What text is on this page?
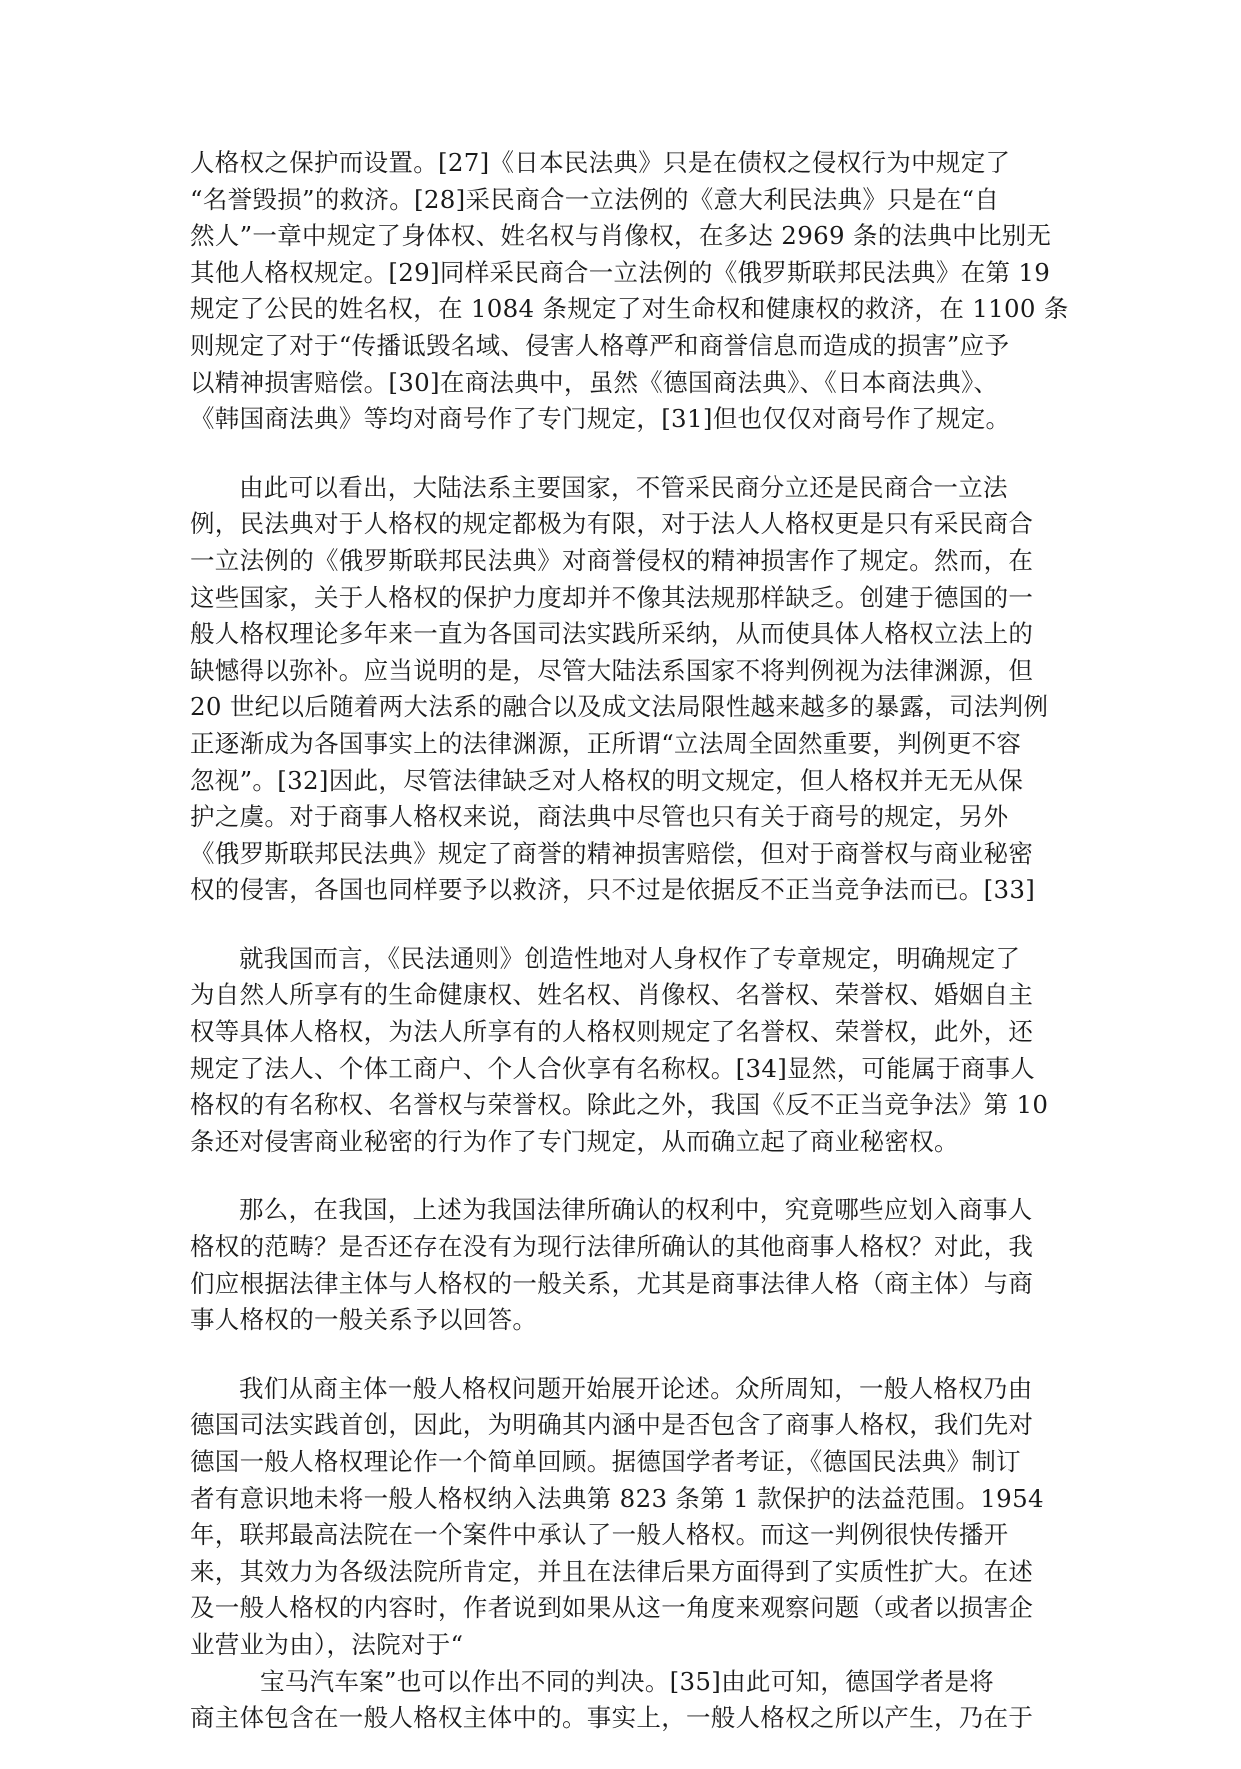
人格权之保护而设置。[27]《日本民法典》只是在债权之侵权行为中规定了
“名誉毁损”的救济。[28]采民商合一立法例的《意大利民法典》只是在“自
然人”一章中规定了身体权、姓名权与肖像权，在多达 2969 条的法典中比别无
其他人格权规定。[29]同样采民商合一立法例的《俄罗斯联邦民法典》在第 19
规定了公民的姓名权，在 1084 条规定了对生命权和健康权的救济，在 1100 条
则规定了对于“传播诋毁名域、侵害人格尊严和商誉信息而造成的损害”应予
以精神损害赔偿。[30]在商法典中，虽然《德国商法典》、《日本商法典》、
《韩国商法典》等均对商号作了专门规定，[31]但也仅仅对商号作了规定。
由此可以看出，大陆法系主要国家，不管采民商分立还是民商合一立法
例，民法典对于人格权的规定都极为有限，对于法人人格权更是只有采民商合
一立法例的《俄罗斯联邦民法典》对商誉侵权的精神损害作了规定。然而，在
这些国家，关于人格权的保护力度却并不像其法规那样缺乏。创建于德国的一
般人格权理论多年来一直为各国司法实践所采纳，从而使具体人格权立法上的
缺憾得以弥补。应当说明的是，尽管大陆法系国家不将判例视为法律渊源，但
20 世纪以后随着两大法系的融合以及成文法局限性越来越多的暴露，司法判例
正逐渐成为各国事实上的法律渊源，正所谓“立法周全固然重要，判例更不容
忽视”。[32]因此，尽管法律缺乏对人格权的明文规定，但人格权并无无从保
护之虞。对于商事人格权来说，商法典中尽管也只有关于商号的规定，另外
《俄罗斯联邦民法典》规定了商誉的精神损害赔偿，但对于商誉权与商业秘密
权的侵害，各国也同样要予以救济，只不过是依据反不正当竞争法而已。[33]
就我国而言，《民法通则》创造性地对人身权作了专章规定，明确规定了
为自然人所享有的生命健康权、姓名权、肖像权、名誉权、荣誉权、婚姻自主
权等具体人格权，为法人所享有的人格权则规定了名誉权、荣誉权，此外，还
规定了法人、个体工商户、个人合伙享有名称权。[34]显然，可能属于商事人
格权的有名称权、名誉权与荣誉权。除此之外，我国《反不正当竞争法》第 10
条还对侵害商业秘密的行为作了专门规定，从而确立起了商业秘密权。
那么，在我国，上述为我国法律所确认的权利中，究竟哪些应划入商事人
格权的范畴？是否还存在没有为现行法律所确认的其他商事人格权？对此，我
们应根据法律主体与人格权的一般关系，尤其是商事法律人格（商主体）与商
事人格权的一般关系予以回答。
我们从商主体一般人格权问题开始展开论述。众所周知，一般人格权乃由
德国司法实践首创，因此，为明确其内涵中是否包含了商事人格权，我们先对
德国一般人格权理论作一个简单回顾。据德国学者考证，《德国民法典》制订
者有意识地未将一般人格权纳入法典第 823 条第 1 款保护的法益范围。1954
年，联邦最高法院在一个案件中承认了一般人格权。而这一判例很快传播开
来，其效力为各级法院所肯定，并且在法律后果方面得到了实质性扩大。在述
及一般人格权的内容时，作者说到如果从这一角度来观察问题（或者以损害企
业营业为由），法院对于“
宝马汽车案”也可以作出不同的判决。[35]由此可知，德国学者是将
商主体包含在一般人格权主体中的。事实上，一般人格权之所以产生，乃在于
